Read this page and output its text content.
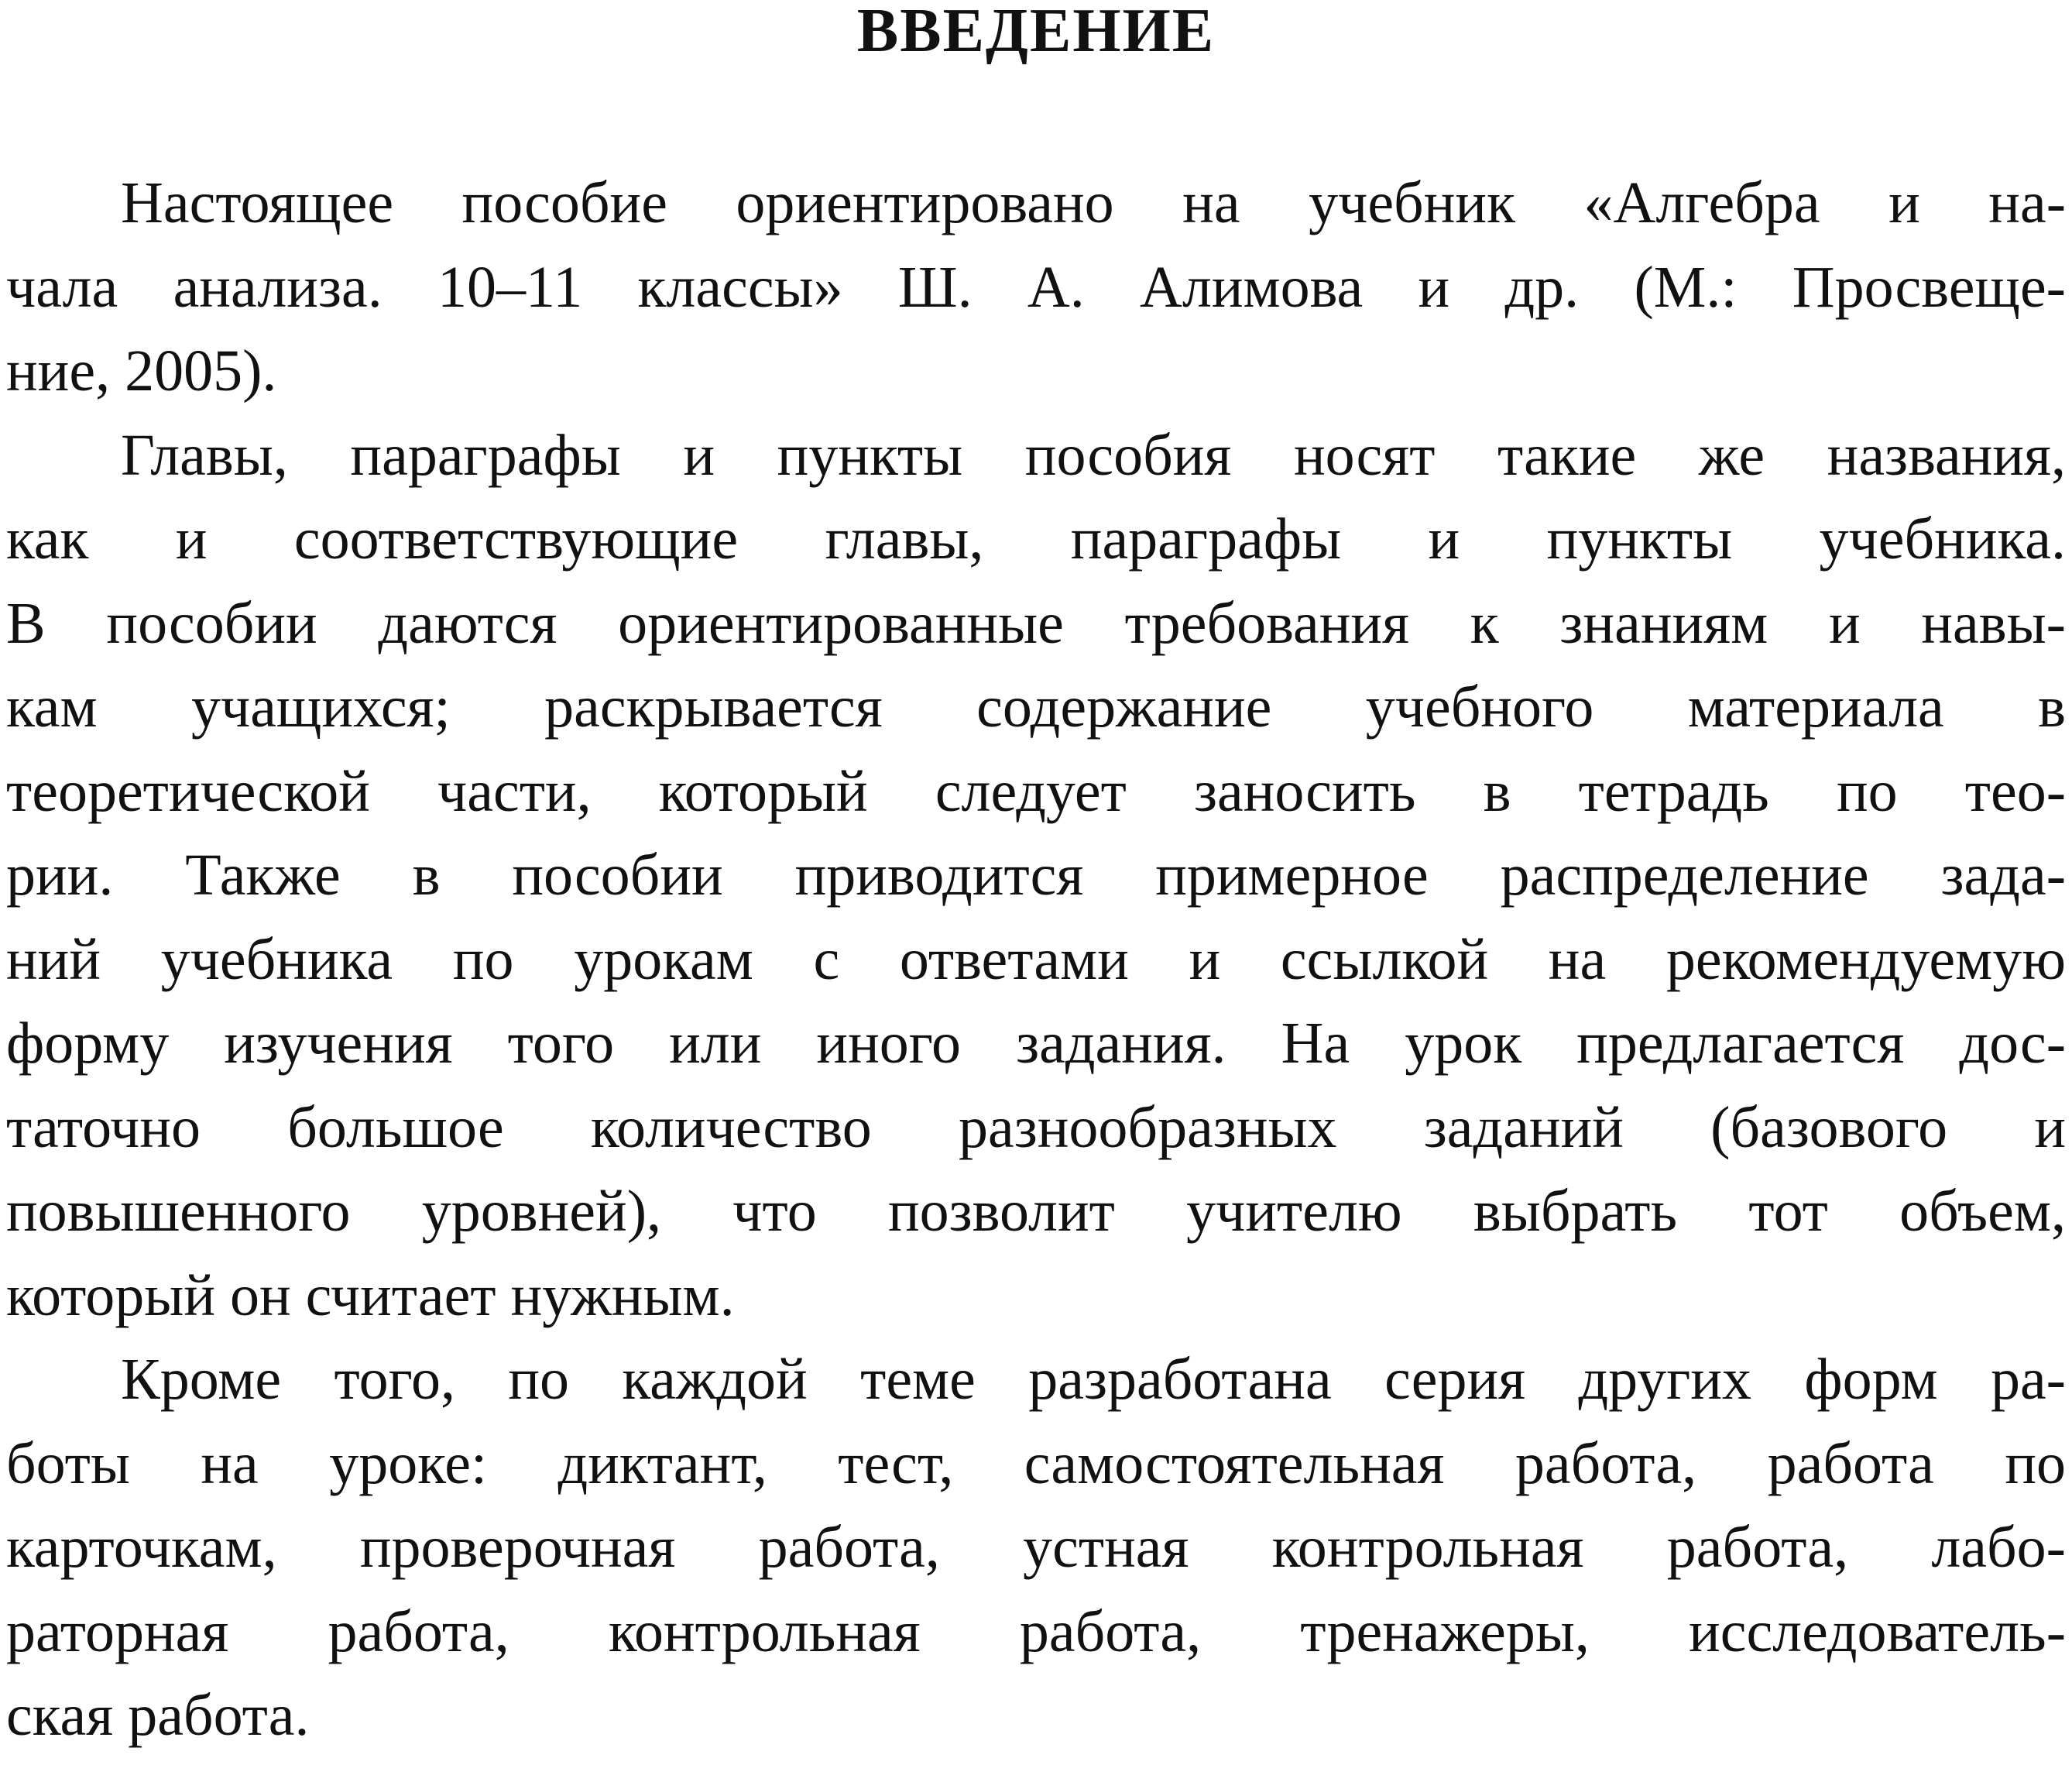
ВВЕДЕНИЕ

Настоящее пособие ориентировано на учебник «Алгебра и на-
чала анализа. 10–11 классы» Ш. А. Алимова и др. (М.: Просвеще-
ние, 2005).

Главы, параграфы и пункты пособия носят такие же названия,
как и соответствующие главы, параграфы и пункты учебника.
В пособии даются ориентированные требования к знаниям и навы-
кам учащихся; раскрывается содержание учебного материала в
теоретической части, который следует заносить в тетрадь по тео-
рии. Также в пособии приводится примерное распределение зада-
ний учебника по урокам с ответами и ссылкой на рекомендуемую
форму изучения того или иного задания. На урок предлагается дос-
таточно большое количество разнообразных заданий (базового и
повышенного уровней), что позволит учителю выбрать тот объем,
который он считает нужным.

Кроме того, по каждой теме разработана серия других форм ра-
боты на уроке: диктант, тест, самостоятельная работа, работа по
карточкам, проверочная работа, устная контрольная работа, лабо-
раторная работа, контрольная работа, тренажеры, исследователь-
ская работа.
